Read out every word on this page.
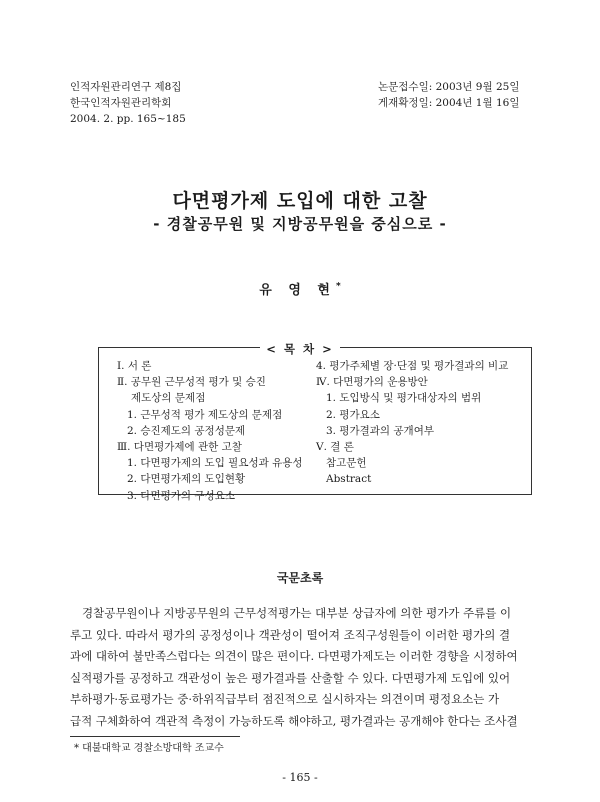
인적자원관리연구 제8집
한국인적자원관리학회
2004. 2. pp. 165~185
논문접수일: 2003년 9월 25일
게재확정일: 2004년 1월 16일
다면평가제 도입에 대한 고찰
- 경찰공무원 및 지방공무원을 중심으로 -
유 영 현*
< 목 차 >
Ⅰ. 서 론
Ⅱ. 공무원 근무성적 평가 및 승진
제도상의 문제점
1. 근무성적 평가 제도상의 문제점
2. 승진제도의 공정성문제
Ⅲ. 다면평가제에 관한 고찰
1. 다면평가제의 도입 필요성과 유용성
2. 다면평가제의 도입현황
3. 다면평가의 구성요소
4. 평가주체별 장·단점 및 평가결과의 비교
Ⅳ. 다면평가의 운용방안
1. 도입방식 및 평가대상자의 범위
2. 평가요소
3. 평가결과의 공개여부
Ⅴ. 결 론
참고문헌
Abstract
국문초록
경찰공무원이나 지방공무원의 근무성적평가는 대부분 상급자에 의한 평가가 주류를 이
루고 있다. 따라서 평가의 공정성이나 객관성이 떨어져 조직구성원들이 이러한 평가의 결
과에 대하여 불만족스럽다는 의견이 많은 편이다. 다면평가제도는 이러한 경향을 시정하여
실적평가를 공정하고 객관성이 높은 평가결과를 산출할 수 있다. 다면평가제 도입에 있어
부하평가·동료평가는 중·하위직급부터 점진적으로 실시하자는 의견이며 평정요소는 가
급적 구체화하여 객관적 측정이 가능하도록 해야하고, 평가결과는 공개해야 한다는 조사결
* 대불대학교 경찰소방대학 조교수
- 165 -
